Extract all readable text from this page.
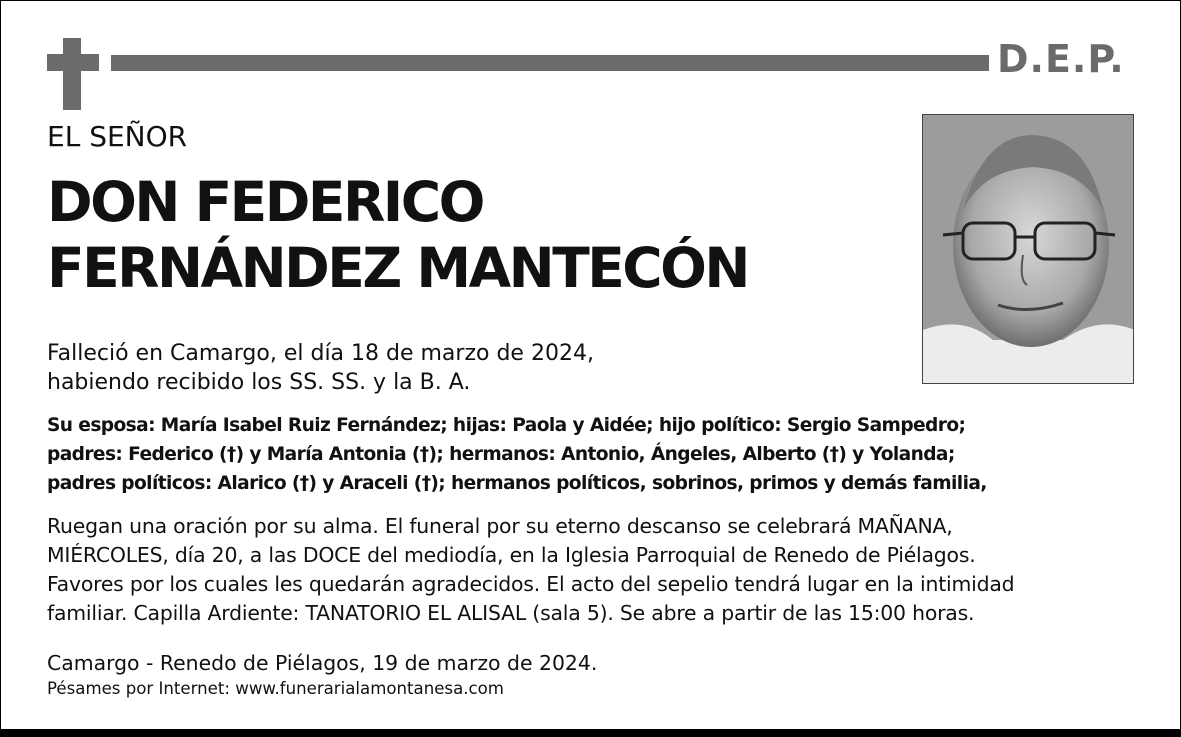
D.E.P.
EL SEÑOR
DON FEDERICO
FERNÁNDEZ MANTECÓN
Falleció en Camargo, el día 18 de marzo de 2024,
habiendo recibido los SS. SS. y la B. A.

Su esposa: María Isabel Ruiz Fernández; hijas: Paola y Aidée; hijo político: Sergio Sampedro;

padres: Federico (†) y María Antonia (†); hermanos: Antonio, Ángeles, Alberto (†) y Yolanda;

padres políticos: Alarico (†) y Araceli (†); hermanos políticos, sobrinos, primos y demás familia,

Ruegan una oración por su alma. El funeral por su eterno descanso se celebrará MAÑANA,

MIÉRCOLES, día 20, a las DOCE del mediodía, en la Iglesia Parroquial de Renedo de Piélagos.

Favores por los cuales les quedarán agradecidos. El acto del sepelio tendrá lugar en la intimidad

familiar. Capilla Ardiente: TANATORIO EL ALISAL (sala 5). Se abre a partir de las 15:00 horas.

Camargo - Renedo de Piélagos, 19 de marzo de 2024.
Pésames por Internet: www.funerarialamontanesa.com
